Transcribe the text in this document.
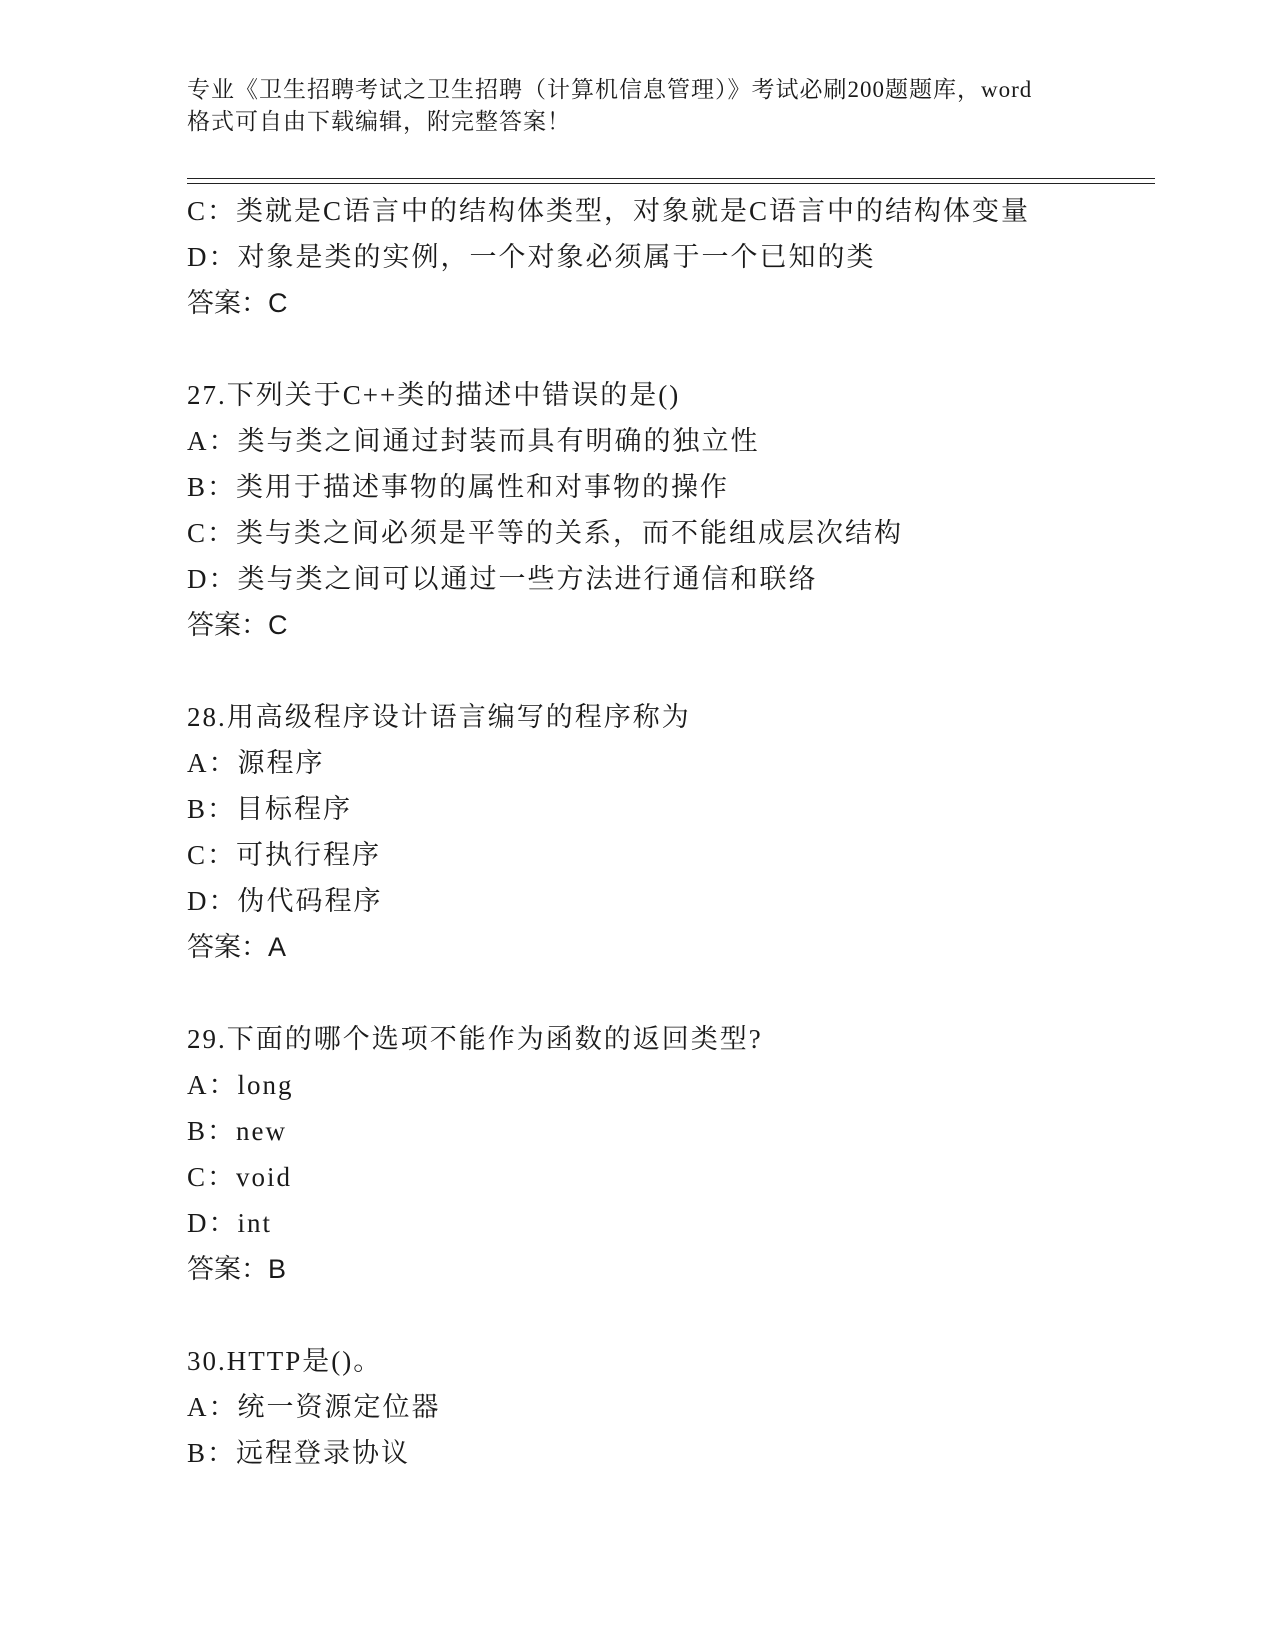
专业《卫生招聘考试之卫生招聘（计算机信息管理）》考试必刷200题题库，word
格式可自由下载编辑，附完整答案！
C：类就是C语言中的结构体类型，对象就是C语言中的结构体变量
D：对象是类的实例，一个对象必须属于一个已知的类
答案：C
27.下列关于C++类的描述中错误的是()
A：类与类之间通过封装而具有明确的独立性
B：类用于描述事物的属性和对事物的操作
C：类与类之间必须是平等的关系，而不能组成层次结构
D：类与类之间可以通过一些方法进行通信和联络
答案：C
28.用高级程序设计语言编写的程序称为
A：源程序
B：目标程序
C：可执行程序
D：伪代码程序
答案：A
29.下面的哪个选项不能作为函数的返回类型?
A：long
B：new
C：void
D：int
答案：B
30.HTTP是()。
A：统一资源定位器
B：远程登录协议
